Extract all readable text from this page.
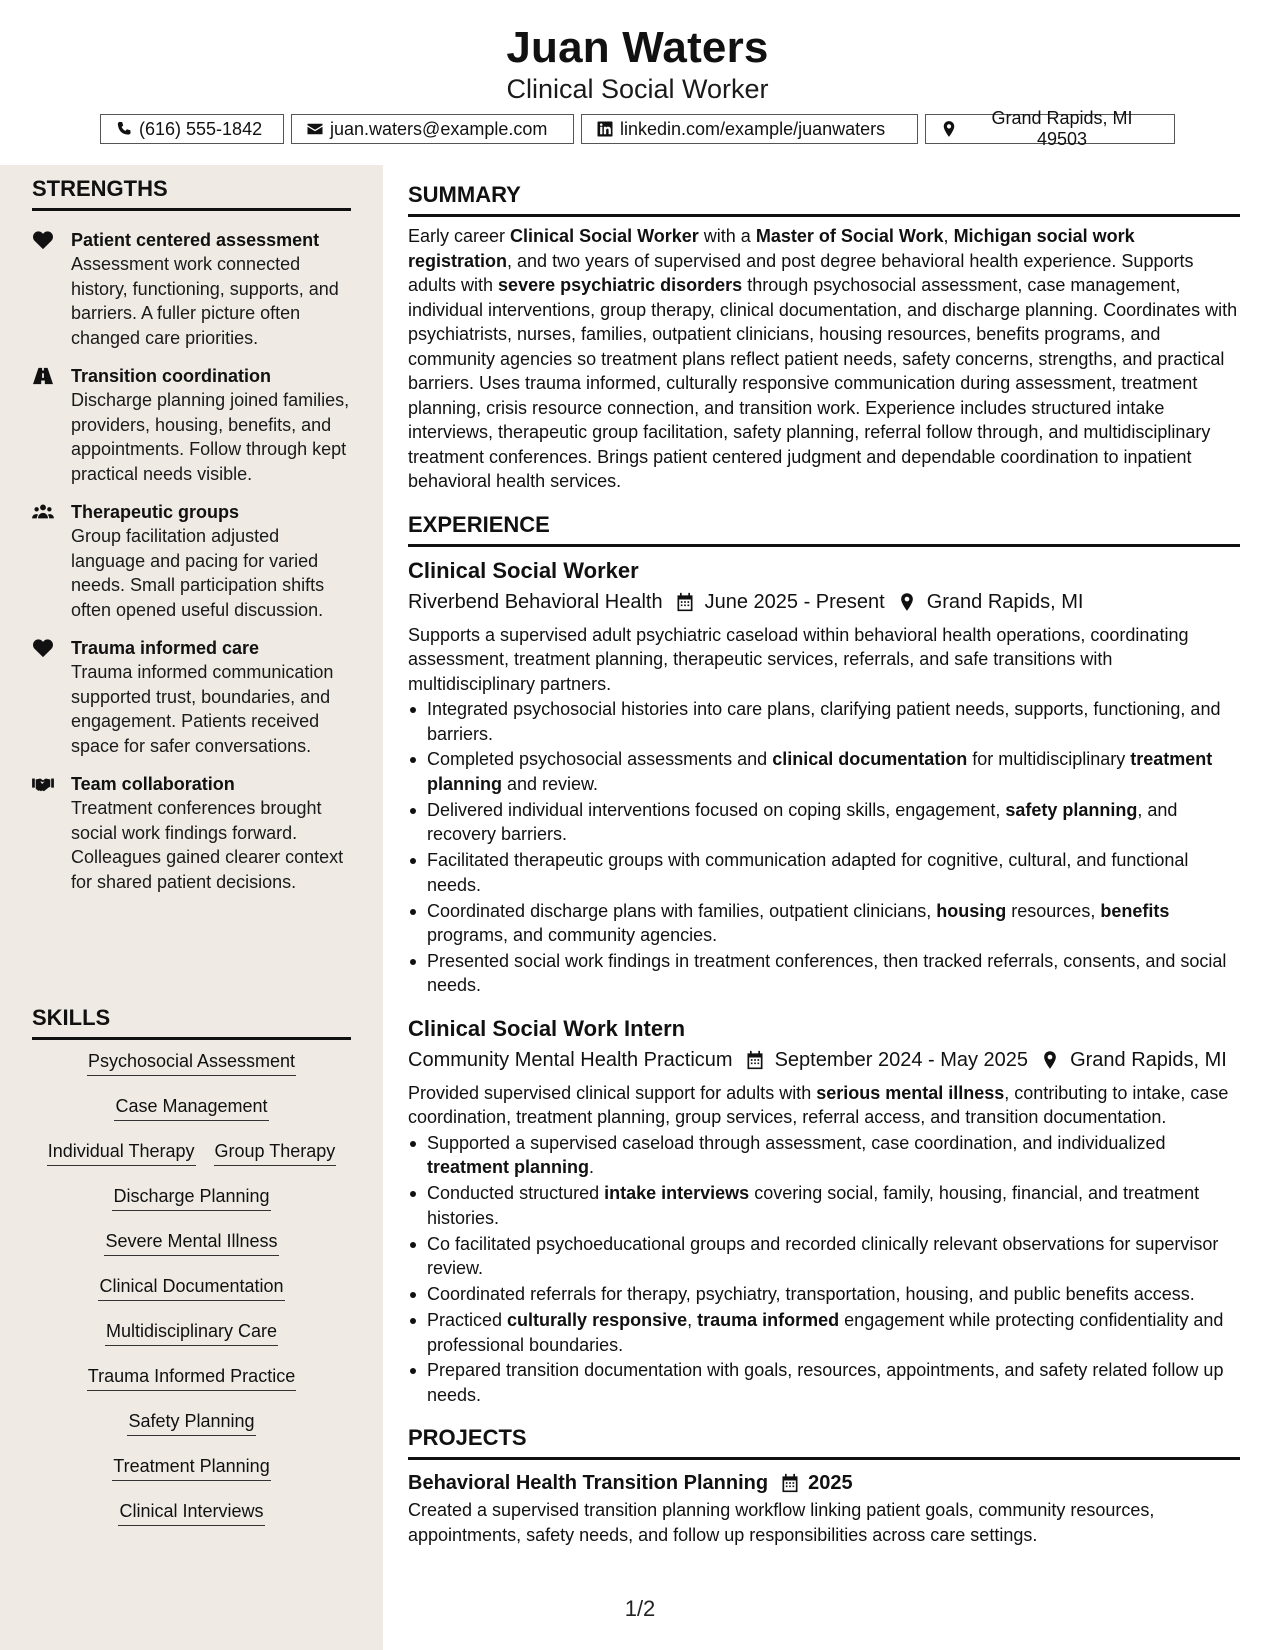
Juan Waters
Clinical Social Worker
(616) 555-1842	juan.waters@example.com	linkedin.com/example/juanwaters
Grand Rapids, MI 49503
STRENGTHS
Patient centered assessment
Assessment work connected history, functioning, supports, and barriers. A fuller picture often changed care priorities.
Transition coordination
Discharge planning joined families, providers, housing, benefits, and appointments. Follow through kept practical needs visible.
Therapeutic groups
Group facilitation adjusted language and pacing for varied needs. Small participation shifts often opened useful discussion.
Trauma informed care
Trauma informed communication supported trust, boundaries, and engagement. Patients received space for safer conversations.
Team collaboration
Treatment conferences brought social work findings forward. Colleagues gained clearer context for shared patient decisions.
SKILLS
Psychosocial Assessment
Case Management
Individual Therapy Group Therapy
Discharge Planning
Severe Mental Illness
Clinical Documentation
Multidisciplinary Care
Trauma Informed Practice
Safety Planning
Treatment Planning
Clinical Interviews
SUMMARY
Early career Clinical Social Worker with a Master of Social Work, Michigan social work registration, and two years of supervised and post degree behavioral health experience. Supports adults with severe psychiatric disorders through psychosocial assessment, case management, individual interventions, group therapy, clinical documentation, and discharge planning. Coordinates with psychiatrists, nurses, families, outpatient clinicians, housing resources, benefits programs, and community agencies so treatment plans reflect patient needs, safety concerns, strengths, and practical barriers. Uses trauma informed, culturally responsive communication during assessment, treatment planning, crisis resource connection, and transition work. Experience includes structured intake interviews, therapeutic group facilitation, safety planning, referral follow through, and multidisciplinary treatment conferences. Brings patient centered judgment and dependable coordination to inpatient behavioral health services.
EXPERIENCE
Clinical Social Worker
Riverbend Behavioral Health June 2025 - Present Grand Rapids, MI
Supports a supervised adult psychiatric caseload within behavioral health operations, coordinating assessment, treatment planning, therapeutic services, referrals, and safe transitions with multidisciplinary partners.
Integrated psychosocial histories into care plans, clarifying patient needs, supports, functioning, and barriers.
Completed psychosocial assessments and clinical documentation for multidisciplinary treatment planning and review.
Delivered individual interventions focused on coping skills, engagement, safety planning, and recovery barriers.
Facilitated therapeutic groups with communication adapted for cognitive, cultural, and functional needs.
Coordinated discharge plans with families, outpatient clinicians, housing resources, benefits programs, and community agencies.
Presented social work findings in treatment conferences, then tracked referrals, consents, and social needs.
Clinical Social Work Intern
Community Mental Health Practicum September 2024 - May 2025 Grand Rapids, MI
Provided supervised clinical support for adults with serious mental illness, contributing to intake, case coordination, treatment planning, group services, referral access, and transition documentation.
Supported a supervised caseload through assessment, case coordination, and individualized treatment planning.
Conducted structured intake interviews covering social, family, housing, financial, and treatment histories.
Co facilitated psychoeducational groups and recorded clinically relevant observations for supervisor review.
Coordinated referrals for therapy, psychiatry, transportation, housing, and public benefits access.
Practiced culturally responsive, trauma informed engagement while protecting confidentiality and professional boundaries.
Prepared transition documentation with goals, resources, appointments, and safety related follow up needs.
PROJECTS
Behavioral Health Transition Planning 2025
Created a supervised transition planning workflow linking patient goals, community resources, appointments, safety needs, and follow up responsibilities across care settings.
1/2
